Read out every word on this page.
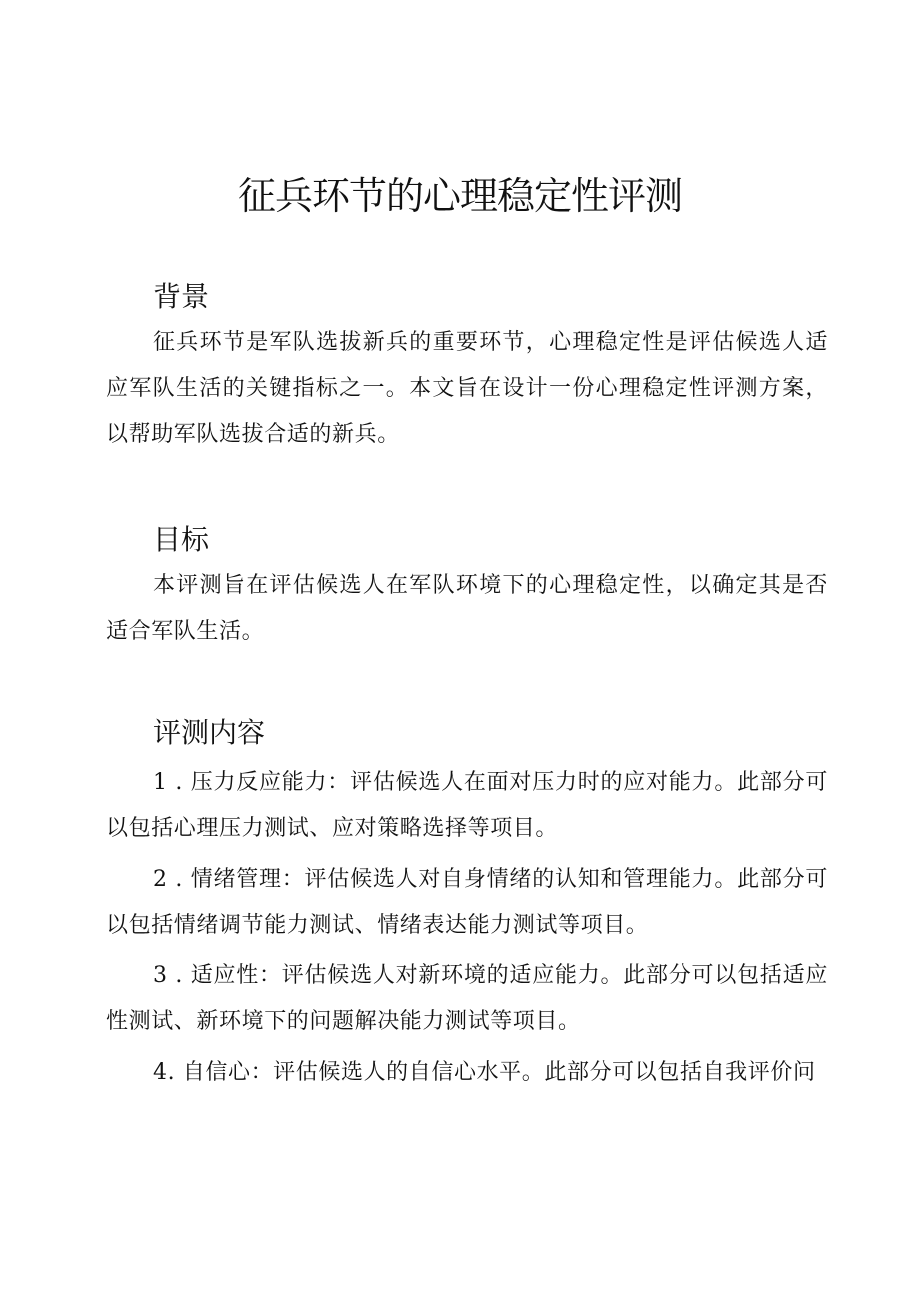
征兵环节的心理稳定性评测
背景

征兵环节是军队选拔新兵的重要环节，心理稳定性是评估候选人适应军队生活的关键指标之一。本文旨在设计一份心理稳定性评测方案，以帮助军队选拔合适的新兵。

目标

本评测旨在评估候选人在军队环境下的心理稳定性，以确定其是否适合军队生活。

评测内容

1 . 压力反应能力：评估候选人在面对压力时的应对能力。此部分可以包括心理压力测试、应对策略选择等项目。

2 . 情绪管理：评估候选人对自身情绪的认知和管理能力。此部分可以包括情绪调节能力测试、情绪表达能力测试等项目。

3 . 适应性：评估候选人对新环境的适应能力。此部分可以包括适应性测试、新环境下的问题解决能力测试等项目。

4. 自信心：评估候选人的自信心水平。此部分可以包括自我评价问
